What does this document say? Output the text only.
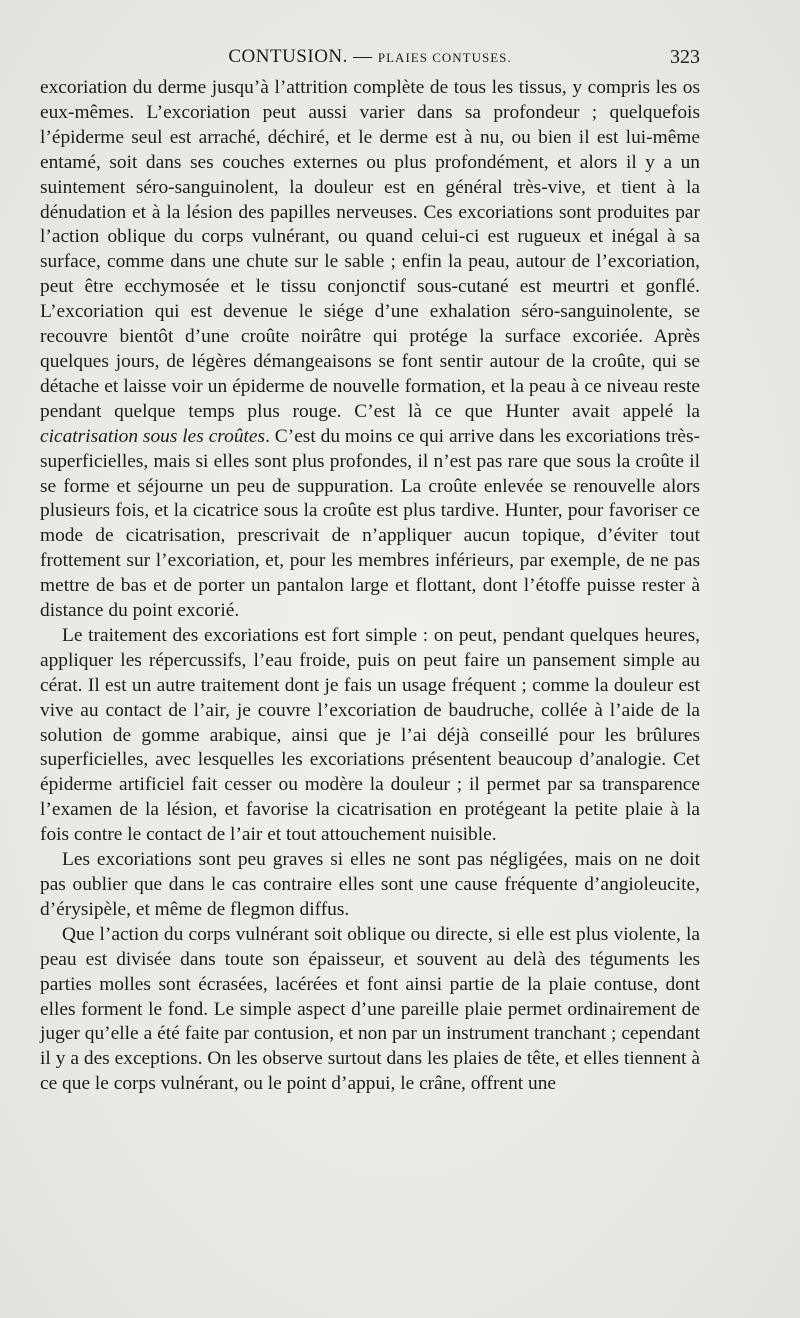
CONTUSION. — PLAIES CONTUSES.	323

excoriation du derme jusqu’à l’attrition complète de tous les tissus, y compris les os eux-mêmes. L’excoriation peut aussi varier dans sa profondeur ; quelquefois l’épiderme seul est arraché, déchiré, et le derme est à nu, ou bien il est lui-même entamé, soit dans ses couches externes ou plus profondément, et alors il y a un suintement séro-sanguinolent, la douleur est en général très-vive, et tient à la dénudation et à la lésion des papilles nerveuses. Ces excoriations sont produites par l’action oblique du corps vulnérant, ou quand celui-ci est rugueux et inégal à sa surface, comme dans une chute sur le sable ; enfin la peau, autour de l’excoriation, peut être ecchymosée et le tissu conjonctif sous-cutané est meurtri et gonflé. L’excoriation qui est devenue le siége d’une exhalation séro-sanguinolente, se recouvre bientôt d’une croûte noirâtre qui protége la surface excoriée. Après quelques jours, de légères démangeaisons se font sentir autour de la croûte, qui se détache et laisse voir un épiderme de nouvelle formation, et la peau à ce niveau reste pendant quelque temps plus rouge. C’est là ce que Hunter avait appelé la cicatrisation sous les croûtes. C’est du moins ce qui arrive dans les excoriations très-superficielles, mais si elles sont plus profondes, il n’est pas rare que sous la croûte il se forme et séjourne un peu de suppuration. La croûte enlevée se renouvelle alors plusieurs fois, et la cicatrice sous la croûte est plus tardive. Hunter, pour favoriser ce mode de cicatrisation, prescrivait de n’appliquer aucun topique, d’éviter tout frottement sur l’excoriation, et, pour les membres inférieurs, par exemple, de ne pas mettre de bas et de porter un pantalon large et flottant, dont l’étoffe puisse rester à distance du point excorié.

Le traitement des excoriations est fort simple : on peut, pendant quelques heures, appliquer les répercussifs, l’eau froide, puis on peut faire un pansement simple au cérat. Il est un autre traitement dont je fais un usage fréquent ; comme la douleur est vive au contact de l’air, je couvre l’excoriation de baudruche, collée à l’aide de la solution de gomme arabique, ainsi que je l’ai déjà conseillé pour les brûlures superficielles, avec lesquelles les excoriations présentent beaucoup d’analogie. Cet épiderme artificiel fait cesser ou modère la douleur ; il permet par sa transparence l’examen de la lésion, et favorise la cicatrisation en protégeant la petite plaie à la fois contre le contact de l’air et tout attouchement nuisible.

Les excoriations sont peu graves si elles ne sont pas négligées, mais on ne doit pas oublier que dans le cas contraire elles sont une cause fréquente d’angioleucite, d’érysipèle, et même de flegmon diffus.

Que l’action du corps vulnérant soit oblique ou directe, si elle est plus violente, la peau est divisée dans toute son épaisseur, et souvent au delà des téguments les parties molles sont écrasées, lacérées et font ainsi partie de la plaie contuse, dont elles forment le fond. Le simple aspect d’une pareille plaie permet ordinairement de juger qu’elle a été faite par contusion, et non par un instrument tranchant ; cependant il y a des exceptions. On les observe surtout dans les plaies de tête, et elles tiennent à ce que le corps vulnérant, ou le point d’appui, le crâne, offrent une
